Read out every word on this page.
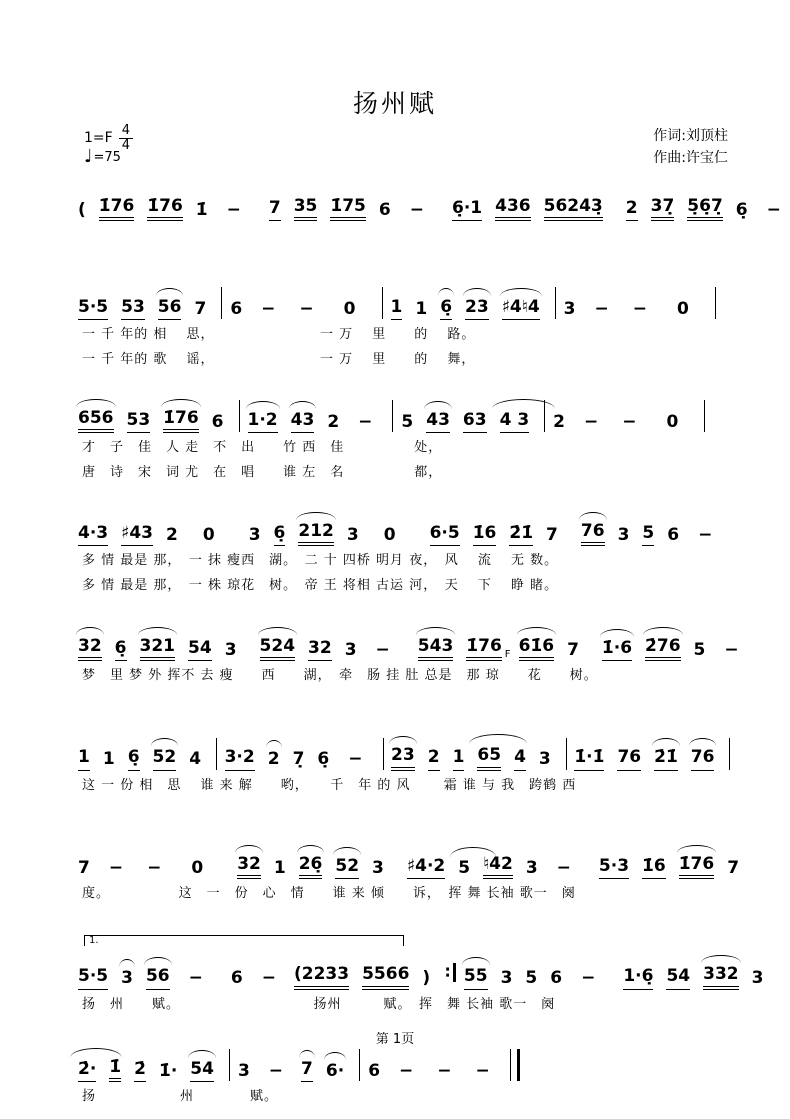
扬州赋
$1=F \frac{4}{4}$
♩ =75
作词:刘顶柱
作曲:许宝仁
( 1̇76 1̇76 1̇ − 7 35 1̇75 6 − 6̣·1 436 56243̣ 2 37̣ 5̣6̣7̣ 6̣ −
5·5 53 56 7 6 − − 0 1 1 6̣ 23 ♯4♮4 3 − − 0
一 千 年的 相　 思，　　　　　　　　一 万　 里　　的　 路。
一 千 年的 歌　 谣，　　　　　　　　一 万　 里　　的　 舞，
656 53 1̇76 6 1·2 43 2 − 5 43 63 4 3 2 − − 0
才　子　佳　人 走　不　出　　竹 西　佳　　　　　处，
唐　诗　宋　词 尤　在　唱　　谁 左　名　　　　　都，
4·3 ♯43 2 0 3 6̣ 212 3 0 6·5 1̇6 2̇1̇ 7 76 3 5 6 −
多 情 最是 那，　一 抹 瘦西　湖。　二 十 四桥 明月 夜，　风　 流　 无 数。
多 情 最是 那，　一 株 琼花　树。　帝 王 将相 古运 河，　天　 下　 睁 睹。
32 6̣ 321 54 3 524 32 3 − 543 1̇76 F 6̇1̇6 7 1̇·6 2̇76 5 −
梦　里 梦 外 挥不 去 瘦　　西　　湖，　牵　肠 挂 肚 总是　那 琼　　花　　树。
1 1 6̣ 52 4 3·2 2 7̣ 6̣ − 23 2 1 65 4 3 1̇·1̇ 76 2̇1̇ 76
这 一 份 相　思　 谁 来 解　　哟，　　千　年 的 风　　 霜 谁 与 我　跨鹤 西
7 − − 0 32 1 26̣ 52 3 ♯4·2 5 ♮42 3 − 5·3 1̇6 1̇76 7
度。　　　　　 这　一　份　心　情　　谁 来 倾　　诉，　挥 舞 长袖 歌一　阕
1.
5·5 3 56 − 6 − (2233 5566 ) ∶ 55 3 5 6 − 1·6̣ 54 332 3
扬　州　　赋。　　　　　　　　　　扬州　　　赋。　挥　舞 长袖 歌一　阕
2̇· 1̇ 2̇ 1̇· 54 3 − 7 6· 6 − − −
扬　　　　　　州　　　　赋。
第 1页
